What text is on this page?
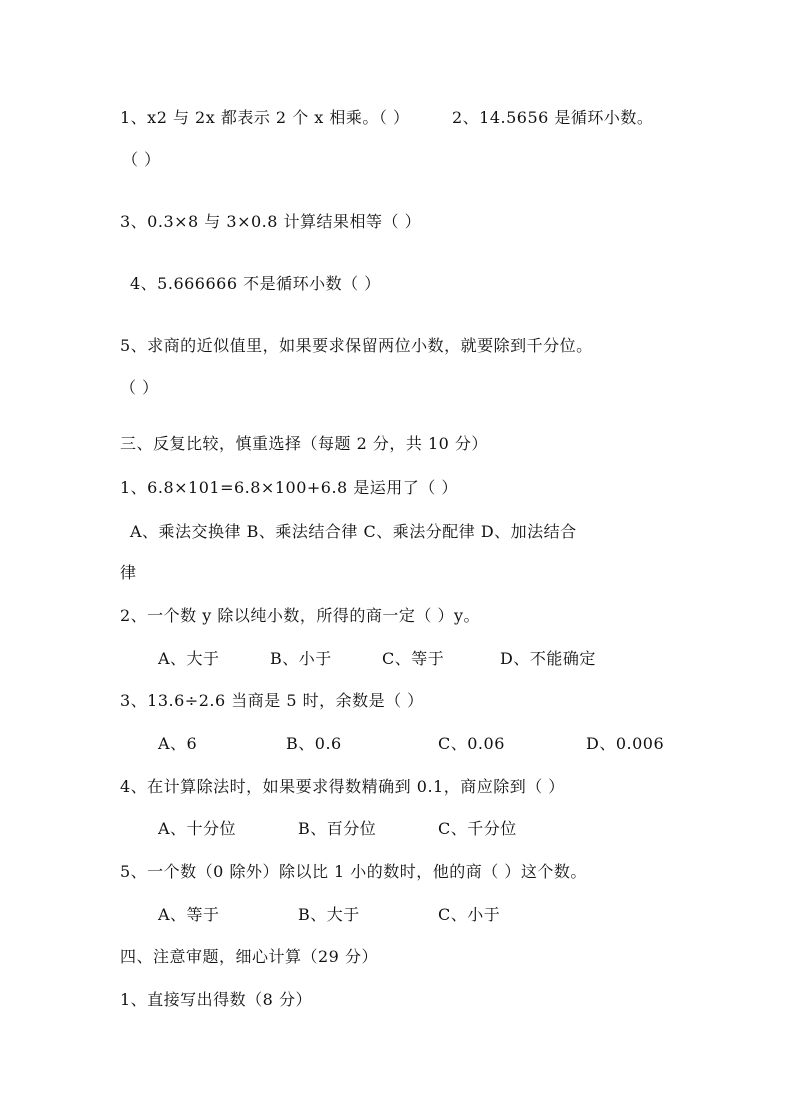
1、x2 与 2x 都表示 2 个 x 相乘。（ ）	2、14.5656 是循环小数。
（ ）
3、0.3×8 与 3×0.8 计算结果相等（ ）
4、5.666666 不是循环小数（ ）
5、求商的近似值里，如果要求保留两位小数，就要除到千分位。
（ ）
三、反复比较，慎重选择（每题 2 分，共 10 分）
1、6.8×101=6.8×100+6.8 是运用了（ ）
A、乘法交换律 B、乘法结合律 C、乘法分配律 D、加法结合
律
2、一个数 y 除以纯小数，所得的商一定（ ）y。
A、大于	B、小于	C、等于	D、不能确定
3、13.6÷2.6 当商是 5 时，余数是（ ）
A、6	B、0.6	C、0.06	D、0.006
4、在计算除法时，如果要求得数精确到 0.1，商应除到（ ）
A、十分位	B、百分位	C、千分位
5、一个数（0 除外）除以比 1 小的数时，他的商（ ）这个数。
A、等于	B、大于	C、小于
四、注意审题，细心计算（29 分）
1、直接写出得数（8 分）
